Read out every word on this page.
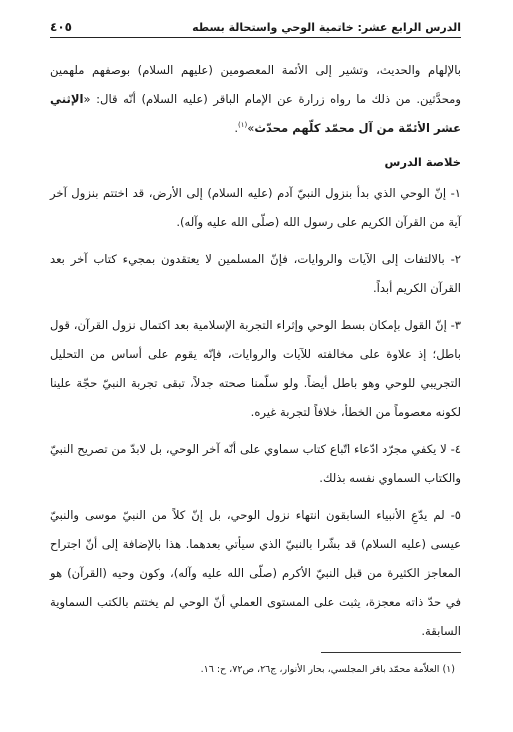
الدرس الرابع عشر: خاتمية الوحي واستحالة بسطه
٤٠٥

بالإلهام والحديث، وتشير إلى الأئمة المعصومين (عليهم السلام) بوصفهم ملهمين ومحدَّثين. من ذلك ما رواه زرارة عن الإمام الباقر (عليه السلام) أنّه قال: «الإثني عشر الأئمّة من آل محمّد كلّهم محدّث»$^{(١)}$.

خلاصة الدرس

١- إنّ الوحي الذي بدأ بنزول النبيّ آدم (عليه السلام) إلى الأرض، قد اختتم بنزول آخر آية من القرآن الكريم على رسول الله (صلّى الله عليه وآله).

٢- بالالتفات إلى الآيات والروايات، فإنّ المسلمين لا يعتقدون بمجيء كتاب آخر بعد القرآن الكريم أبداً.

٣- إنّ القول بإمكان بسط الوحي وإثراء التجربة الإسلامية بعد اكتمال نزول القرآن، قول باطل؛ إذ علاوة على مخالفته للآيات والروايات، فإنّه يقوم على أساس من التحليل التجريبي للوحي وهو باطل أيضاً. ولو سلّمنا صحته جدلاً، تبقى تجربة النبيّ حجّة علينا لكونه معصوماً من الخطأ، خلافاً لتجربة غيره.

٤- لا يكفي مجرّد ادّعاء اتّباع كتاب سماوي على أنّه آخر الوحي، بل لابدّ من تصريح النبيّ والكتاب السماوي نفسه بذلك.

٥- لم يدّعِ الأنبياء السابقون انتهاء نزول الوحي، بل إنّ كلاً من النبيّ موسى والنبيّ عيسى (عليه السلام) قد بشّرا بالنبيّ الذي سيأتي بعدهما. هذا بالإضافة إلى أنّ اجتراح المعاجز الكثيرة من قبل النبيّ الأكرم (صلّى الله عليه وآله)، وكون وحيه (القرآن) هو في حدّ ذاته معجزة، يثبت على المستوى العملي أنّ الوحي لم يختتم بالكتب السماوية السابقة.

(١) العلاّمة محمّد باقر المجلسي، بحار الأنوار، ج٢٦، ص٧٢، ح: ١٦.
